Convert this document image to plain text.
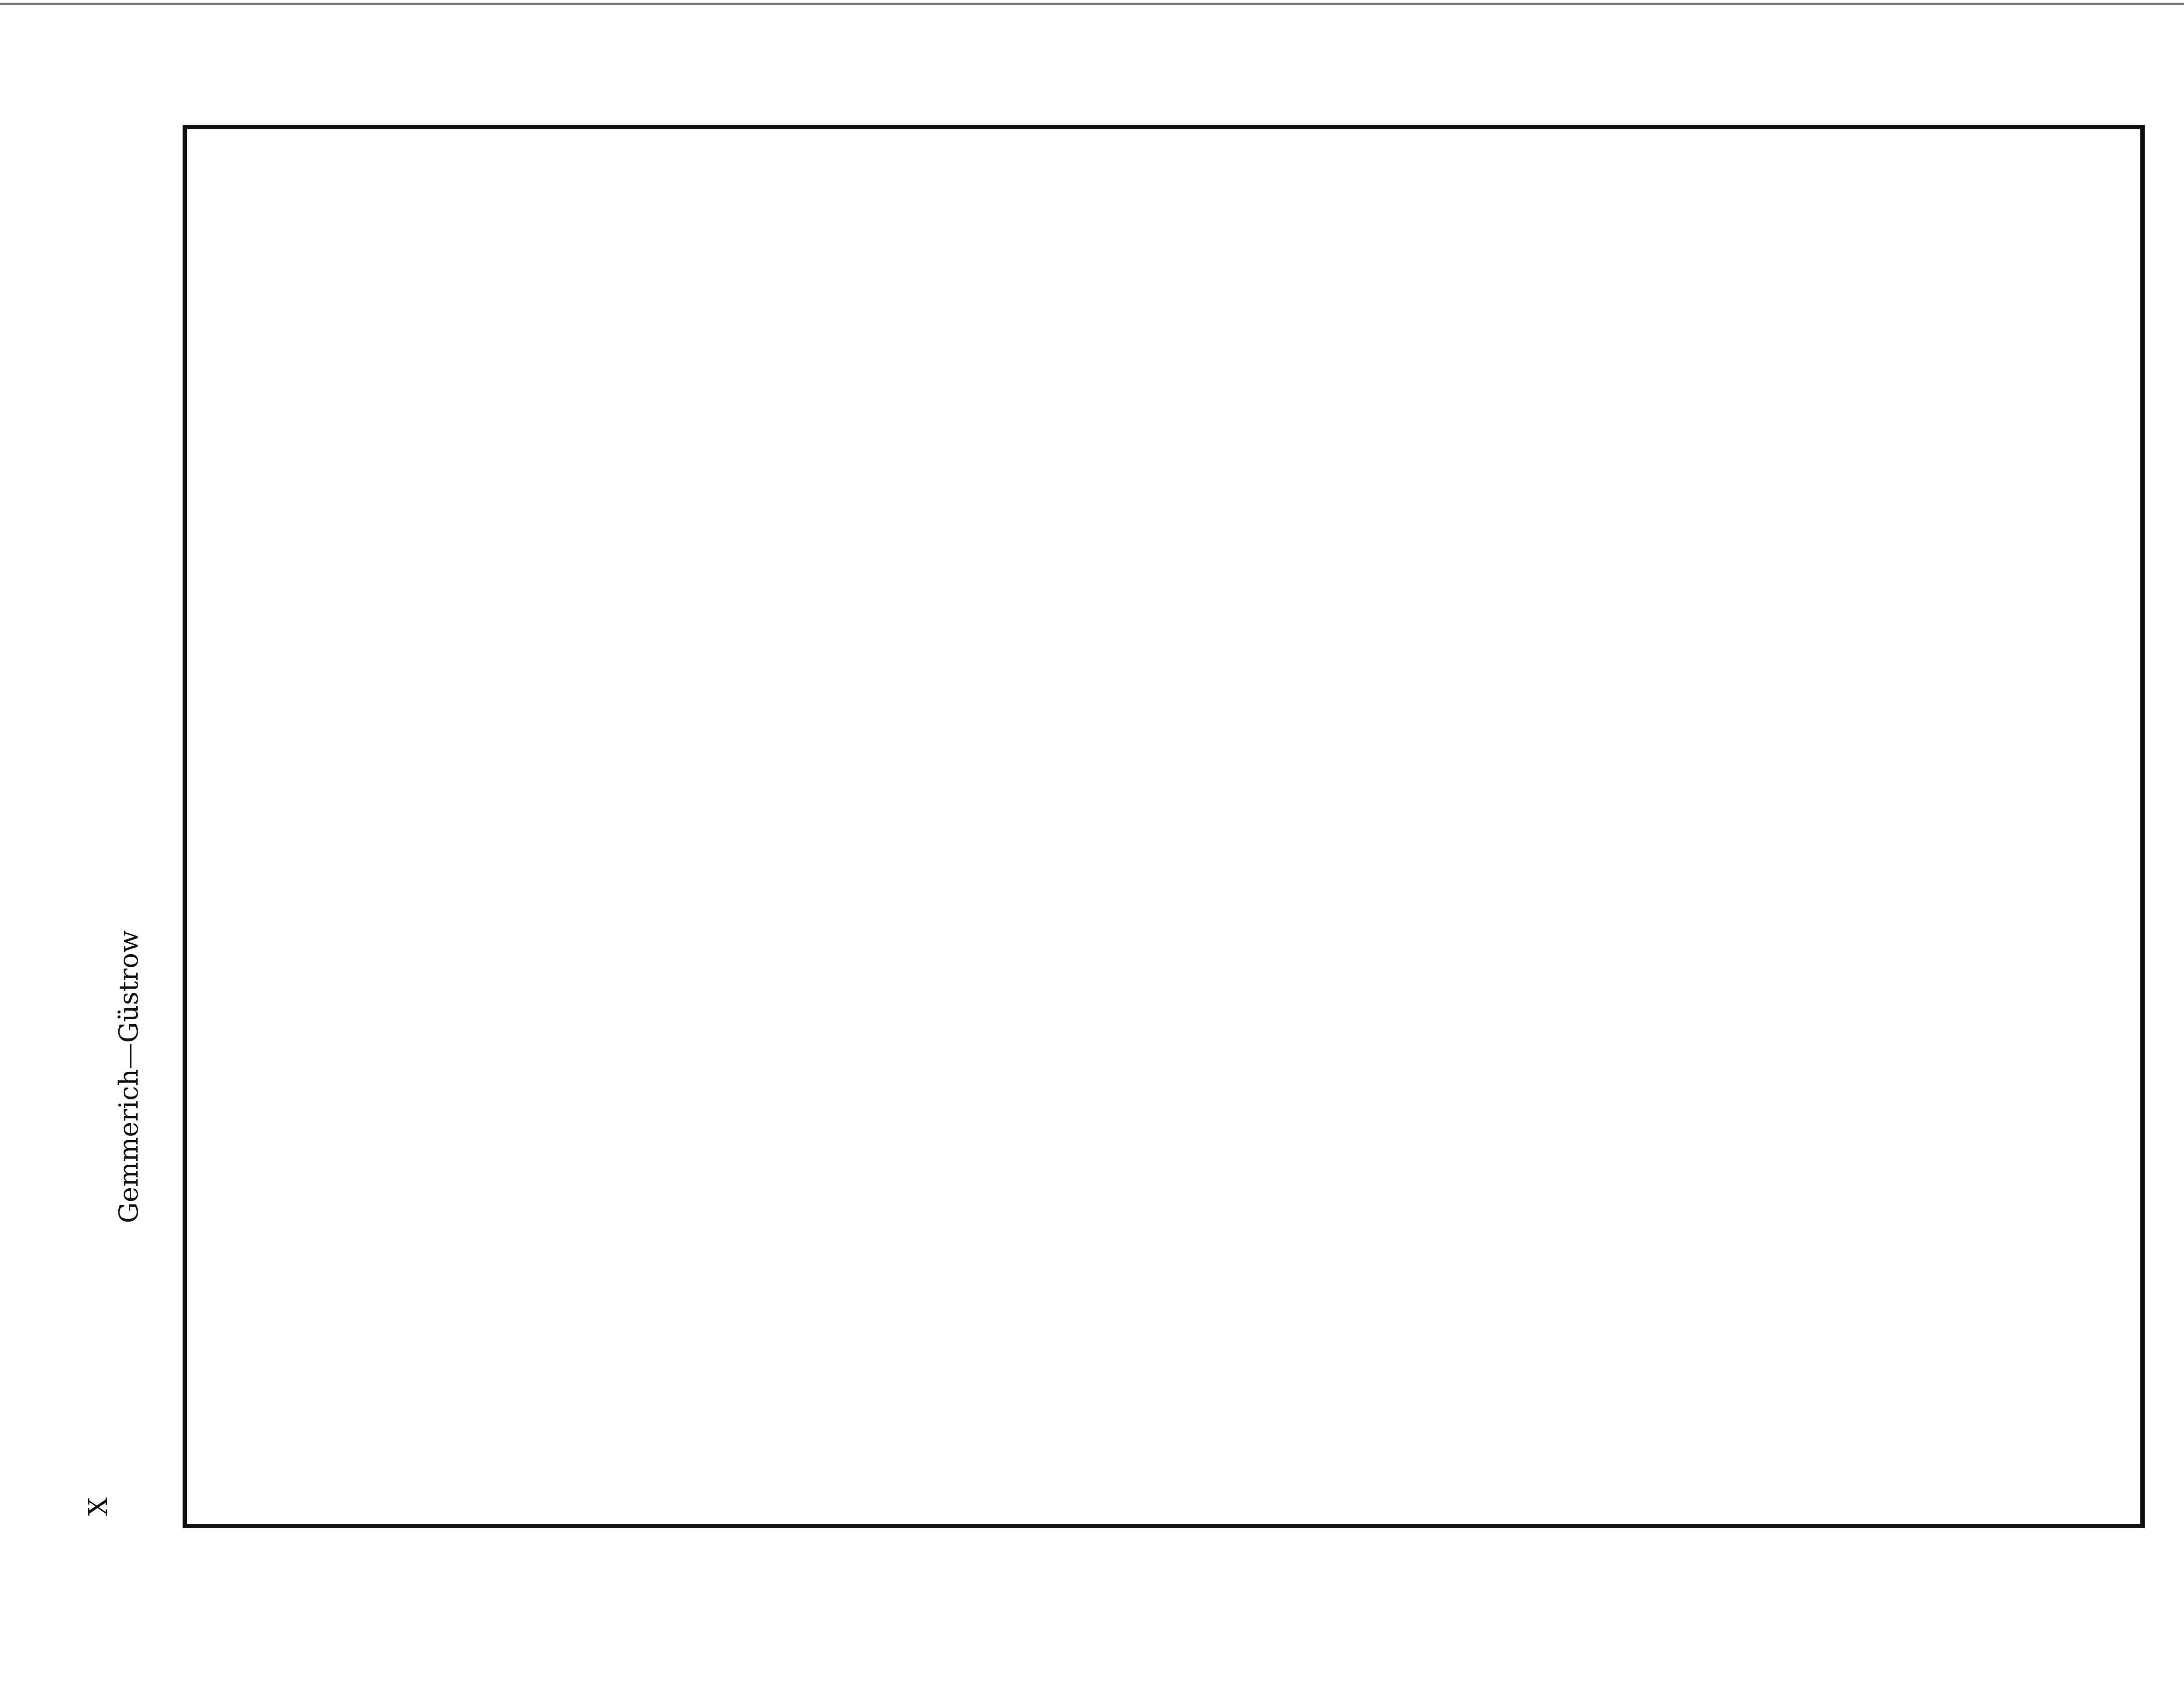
Gemmerich—Güstrow
X
